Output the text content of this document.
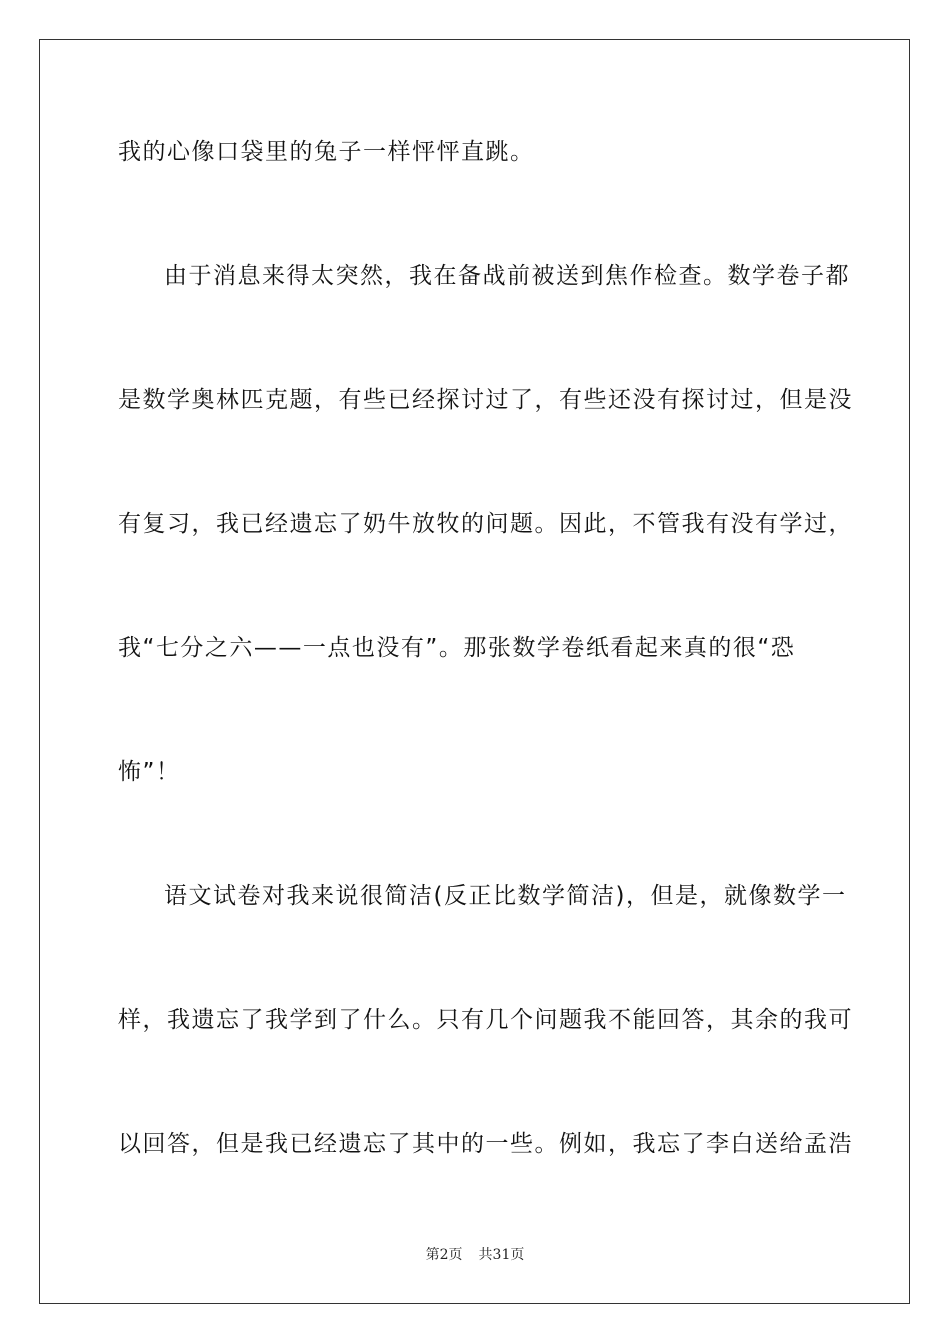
我的心像口袋里的兔子一样怦怦直跳。
由于消息来得太突然，我在备战前被送到焦作检查。数学卷子都
是数学奥林匹克题，有些已经探讨过了，有些还没有探讨过，但是没
有复习，我已经遗忘了奶牛放牧的问题。因此，不管我有没有学过，
我“七分之六——一点也没有”。那张数学卷纸看起来真的很“恐
怖”！
语文试卷对我来说很简洁(反正比数学简洁)，但是，就像数学一
样，我遗忘了我学到了什么。只有几个问题我不能回答，其余的我可
以回答，但是我已经遗忘了其中的一些。例如，我忘了李白送给孟浩
第2页 共31页
